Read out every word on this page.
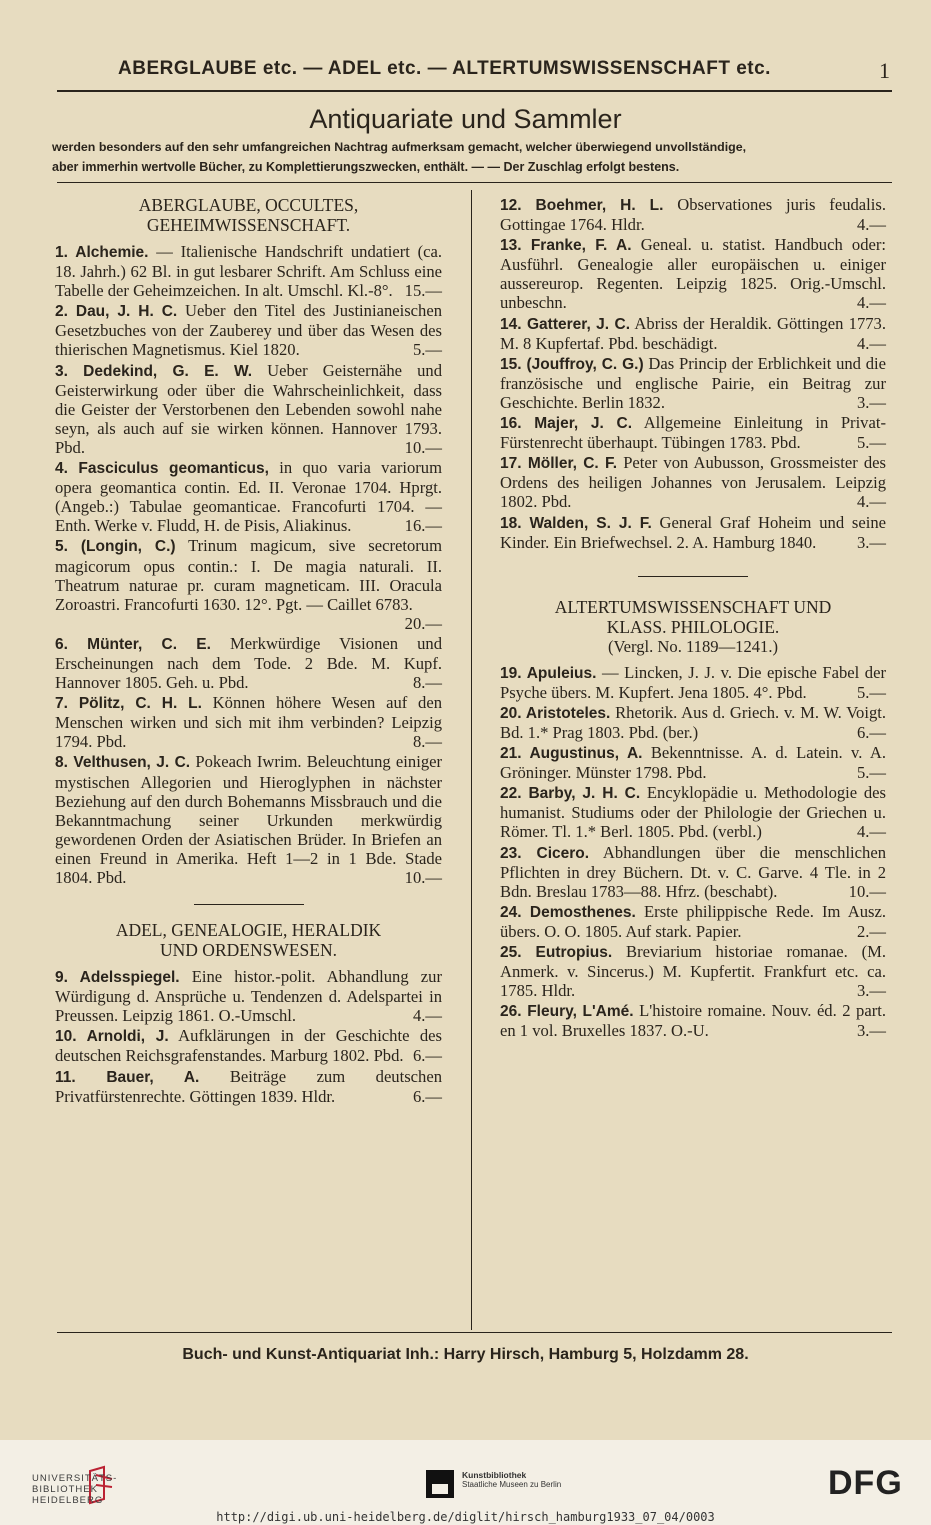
ABERGLAUBE etc. — ADEL etc. — ALTERTUMSWISSENSCHAFT etc.	1
Antiquariate und Sammler
werden besonders auf den sehr umfangreichen Nachtrag aufmerksam gemacht, welcher überwiegend unvollständige,
aber immerhin wertvolle Bücher, zu Komplettierungszwecken, enthält. — — Der Zuschlag erfolgt bestens.
ABERGLAUBE, OCCULTES,
GEHEIMWISSENSCHAFT.

1. Alchemie. — Italienische Handschrift undatiert (ca. 18. Jahrh.) 62 Bl. in gut lesbarer Schrift. Am Schluss eine Tabelle der Geheimzeichen. In alt. Umschl. Kl.-8°. 15.—

2. Dau, J. H. C. Ueber den Titel des Justinianeischen Gesetzbuches von der Zauberey und über das Wesen des thierischen Magnetismus. Kiel 1820.	5.—

3. Dedekind, G. E. W. Ueber Geisternähe und Geisterwirkung oder über die Wahrscheinlichkeit, dass die Geister der Verstorbenen den Lebenden sowohl nahe seyn, als auch auf sie wirken können. Hannover 1793. Pbd.	10.—

4. Fasciculus geomanticus, in quo varia variorum opera geomantica contin. Ed. II. Veronae 1704. Hprgt. (Angeb.:) Tabulae geomanticae. Francofurti 1704. — Enth. Werke v. Fludd, H. de Pisis, Aliakinus.	16.—

5. (Longin, C.) Trinum magicum, sive secretorum magicorum opus contin.: I. De magia naturali. II. Theatrum naturae pr. curam magneticam. III. Oracula Zoroastri. Francofurti 1630. 12°. Pgt. — Caillet 6783.
20.—

6. Münter, C. E. Merkwürdige Visionen und Erscheinungen nach dem Tode. 2 Bde. M. Kupf. Hannover 1805. Geh. u. Pbd.	8.—

7. Pölitz, C. H. L. Können höhere Wesen auf den Menschen wirken und sich mit ihm verbinden? Leipzig 1794. Pbd.	8.—

8. Velthusen, J. C. Pokeach Iwrim. Beleuchtung einiger mystischen Allegorien und Hieroglyphen in nächster Beziehung auf den durch Bohemanns Missbrauch und die Bekanntmachung seiner Urkunden merkwürdig gewordenen Orden der Asiatischen Brüder. In Briefen an einen Freund in Amerika. Heft 1—2 in 1 Bde. Stade 1804. Pbd.	10.—

ADEL, GENEALOGIE, HERALDIK
UND ORDENSWESEN.

9. Adelsspiegel. Eine histor.-polit. Abhandlung zur Würdigung d. Ansprüche u. Tendenzen d. Adelspartei in Preussen. Leipzig 1861. O.-Umschl.	4.—

10. Arnoldi, J. Aufklärungen in der Geschichte des deutschen Reichsgrafenstandes. Marburg 1802. Pbd. 6.—

11. Bauer, A. Beiträge zum deutschen Privatfürstenrechte. Göttingen 1839. Hldr.	6.—

12. Boehmer, H. L. Observationes juris feudalis. Gottingae 1764. Hldr.	4.—

13. Franke, F. A. Geneal. u. statist. Handbuch oder: Ausführl. Genealogie aller europäischen u. einiger aussereurop. Regenten. Leipzig 1825. Orig.-Umschl. unbeschn.	4.—

14. Gatterer, J. C. Abriss der Heraldik. Göttingen 1773. M. 8 Kupfertaf. Pbd. beschädigt.	4.—

15. (Jouffroy, C. G.) Das Princip der Erblichkeit und die französische und englische Pairie, ein Beitrag zur Geschichte. Berlin 1832.	3.—

16. Majer, J. C. Allgemeine Einleitung in Privat-Fürstenrecht überhaupt. Tübingen 1783. Pbd.	5.—

17. Möller, C. F. Peter von Aubusson, Grossmeister des Ordens des heiligen Johannes von Jerusalem. Leipzig 1802. Pbd.	4.—

18. Walden, S. J. F. General Graf Hoheim und seine Kinder. Ein Briefwechsel. 2. A. Hamburg 1840. 3.—

ALTERTUMSWISSENSCHAFT UND
KLASS. PHILOLOGIE.
(Vergl. No. 1189—1241.)

19. Apuleius. — Lincken, J. J. v. Die epische Fabel der Psyche übers. M. Kupfert. Jena 1805. 4°. Pbd.	5.—

20. Aristoteles. Rhetorik. Aus d. Griech. v. M. W. Voigt. Bd. 1.* Prag 1803. Pbd. (ber.)	6.—

21. Augustinus, A. Bekenntnisse. A. d. Latein. v. A. Gröninger. Münster 1798. Pbd.	5.—

22. Barby, J. H. C. Encyklopädie u. Methodologie des humanist. Studiums oder der Philologie der Griechen u. Römer. Tl. 1.* Berl. 1805. Pbd. (verbl.)	4.—

23. Cicero. Abhandlungen über die menschlichen Pflichten in drey Büchern. Dt. v. C. Garve. 4 Tle. in 2 Bdn. Breslau 1783—88. Hfrz. (beschabt).	10.—

24. Demosthenes. Erste philippische Rede. Im Ausz. übers. O. O. 1805. Auf stark. Papier.	2.—

25. Eutropius. Breviarium historiae romanae. (M. Anmerk. v. Sincerus.) M. Kupfertit. Frankfurt etc. ca. 1785. Hldr.	3.—

26. Fleury, L'Amé. L'histoire romaine. Nouv. éd. 2 part. en 1 vol. Bruxelles 1837. O.-U.	3.—

Buch- und Kunst-Antiquariat Inh.: Harry Hirsch, Hamburg 5, Holzdamm 28.
UNIVERSITÄTS-
BIBLIOTHEK
HEIDELBERG
Kunstbibliothek
Staatliche Museen zu Berlin	DFG
http://digi.ub.uni-heidelberg.de/diglit/hirsch_hamburg1933_07_04/0003
